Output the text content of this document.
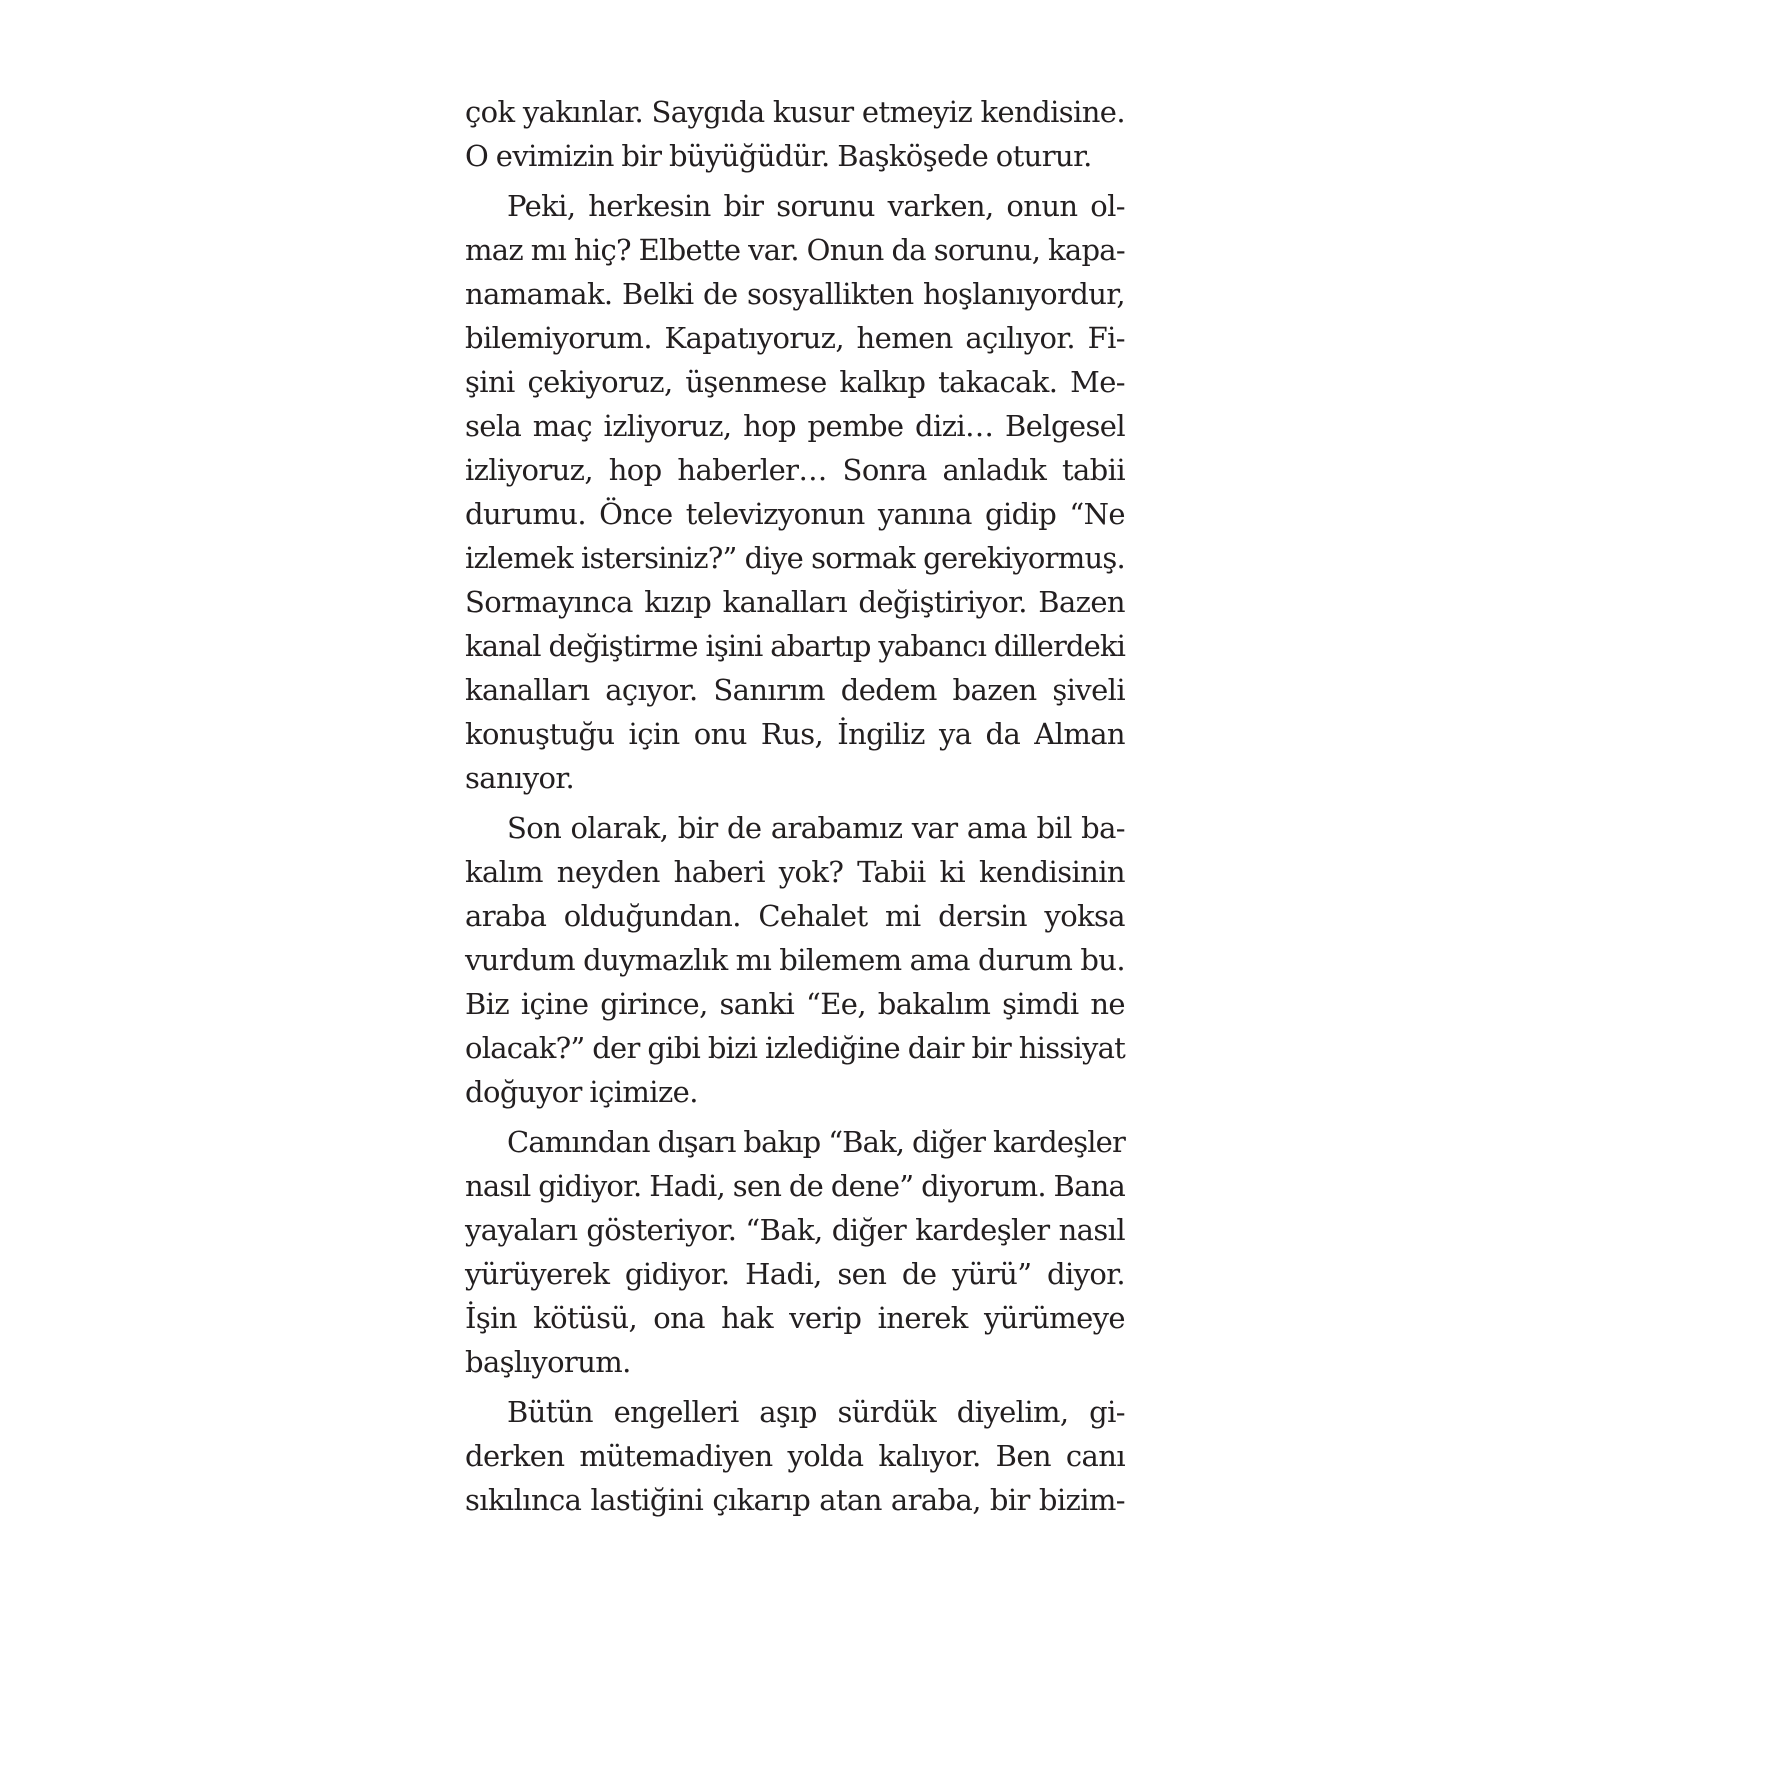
çok yakınlar. Saygıda kusur etmeyiz kendisine.
O evimizin bir büyüğüdür. Başköşede oturur.
Peki, herkesin bir sorunu varken, onun ol-
maz mı hiç? Elbette var. Onun da sorunu, kapa-
namamak. Belki de sosyallikten hoşlanıyordur,
bilemiyorum. Kapatıyoruz, hemen açılıyor. Fi-
şini çekiyoruz, üşenmese kalkıp takacak. Me-
sela maç izliyoruz, hop pembe dizi… Belgesel
izliyoruz, hop haberler… Sonra anladık tabii
durumu. Önce televizyonun yanına gidip “Ne
izlemek istersiniz?” diye sormak gerekiyormuş.
Sormayınca kızıp kanalları değiştiriyor. Bazen
kanal değiştirme işini abartıp yabancı dillerdeki
kanalları açıyor. Sanırım dedem bazen şiveli
konuştuğu için onu Rus, İngiliz ya da Alman
sanıyor.
Son olarak, bir de arabamız var ama bil ba-
kalım neyden haberi yok? Tabii ki kendisinin
araba olduğundan. Cehalet mi dersin yoksa
vurdum duymazlık mı bilemem ama durum bu.
Biz içine girince, sanki “Ee, bakalım şimdi ne
olacak?” der gibi bizi izlediğine dair bir hissiyat
doğuyor içimize.
Camından dışarı bakıp “Bak, diğer kardeşler
nasıl gidiyor. Hadi, sen de dene” diyorum. Bana
yayaları gösteriyor. “Bak, diğer kardeşler nasıl
yürüyerek gidiyor. Hadi, sen de yürü” diyor.
İşin kötüsü, ona hak verip inerek yürümeye
başlıyorum.
Bütün engelleri aşıp sürdük diyelim, gi-
derken mütemadiyen yolda kalıyor. Ben canı
sıkılınca lastiğini çıkarıp atan araba, bir bizim-
